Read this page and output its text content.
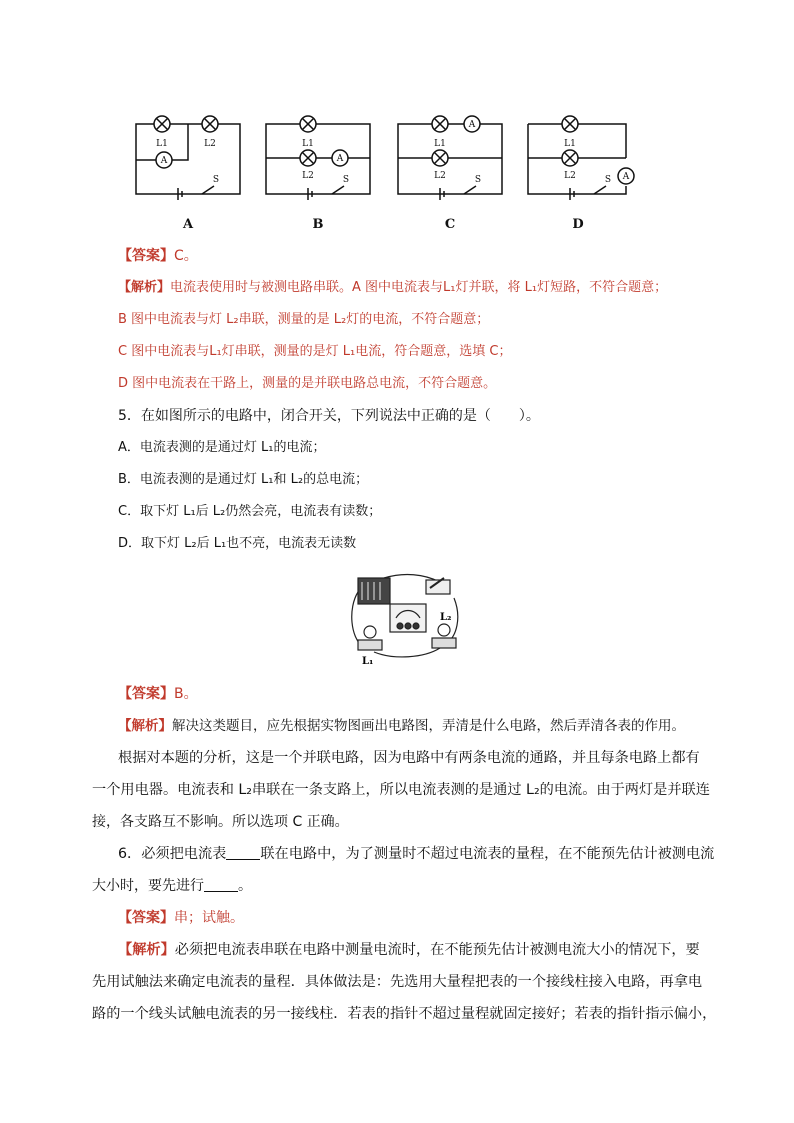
A	A
A
A
L1	L2	L1
L2
L1
L2
L1
L2
S	S	S	S
A	B	C	D
【答案】C。
【解析】电流表使用时与被测电路串联。A 图中电流表与L₁灯并联，将 L₁灯短路，不符合题意；
B 图中电流表与灯 L₂串联，测量的是 L₂灯的电流，不符合题意；
C 图中电流表与L₁灯串联，测量的是灯 L₁电流，符合题意，选填 C；
D 图中电流表在干路上，测量的是并联电路总电流，不符合题意。
5．在如图所示的电路中，闭合开关，下列说法中正确的是（　　）。
A．电流表测的是通过灯 L₁的电流；
B．电流表测的是通过灯 L₁和 L₂的总电流；
C．取下灯 L₁后 L₂仍然会亮，电流表有读数；
D．取下灯 L₂后 L₁也不亮，电流表无读数
L₂
L₁
【答案】B。
【解析】解决这类题目，应先根据实物图画出电路图，弄清是什么电路，然后弄清各表的作用。
根据对本题的分析，这是一个并联电路，因为电路中有两条电流的通路，并且每条电路上都有
一个用电器。电流表和 L₂串联在一条支路上，所以电流表测的是通过 L₂的电流。由于两灯是并联连
接，各支路互不影响。所以选项 C 正确。
6．必须把电流表 联在电路中，为了测量时不超过电流表的量程，在不能预先估计被测电流
大小时，要先进行 。
【答案】串；试触。
【解析】必须把电流表串联在电路中测量电流时，在不能预先估计被测电流大小的情况下，要
先用试触法来确定电流表的量程．具体做法是：先选用大量程把表的一个接线柱接入电路，再拿电
路的一个线头试触电流表的另一接线柱．若表的指针不超过量程就固定接好；若表的指针指示偏小，
